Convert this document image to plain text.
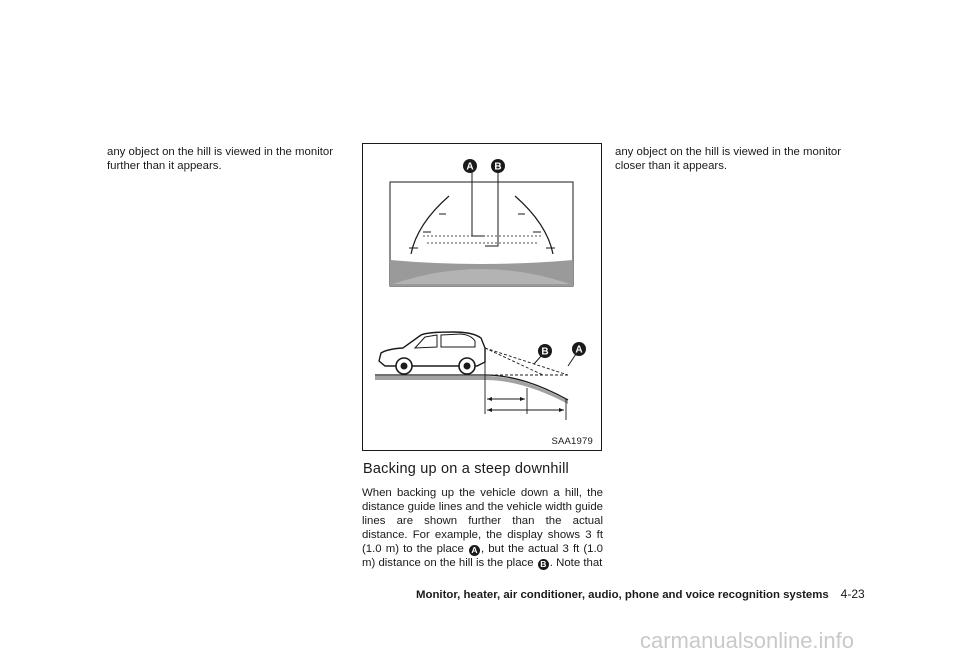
any object on the hill is viewed in the monitor further than it appears.	A B
B	A
SAA1979
Backing up on a steep downhill

When backing up the vehicle down a hill, the distance guide lines and the vehicle width guide lines are shown further than the actual distance. For example, the display shows 3 ft (1.0 m) to the place A , but the actual 3 ft (1.0 m) distance on the hill is the place B . Note that

any object on the hill is viewed in the monitor closer than it appears.
Monitor, heater, air conditioner, audio, phone and voice recognition systems 4-23
carmanualsonline.info
